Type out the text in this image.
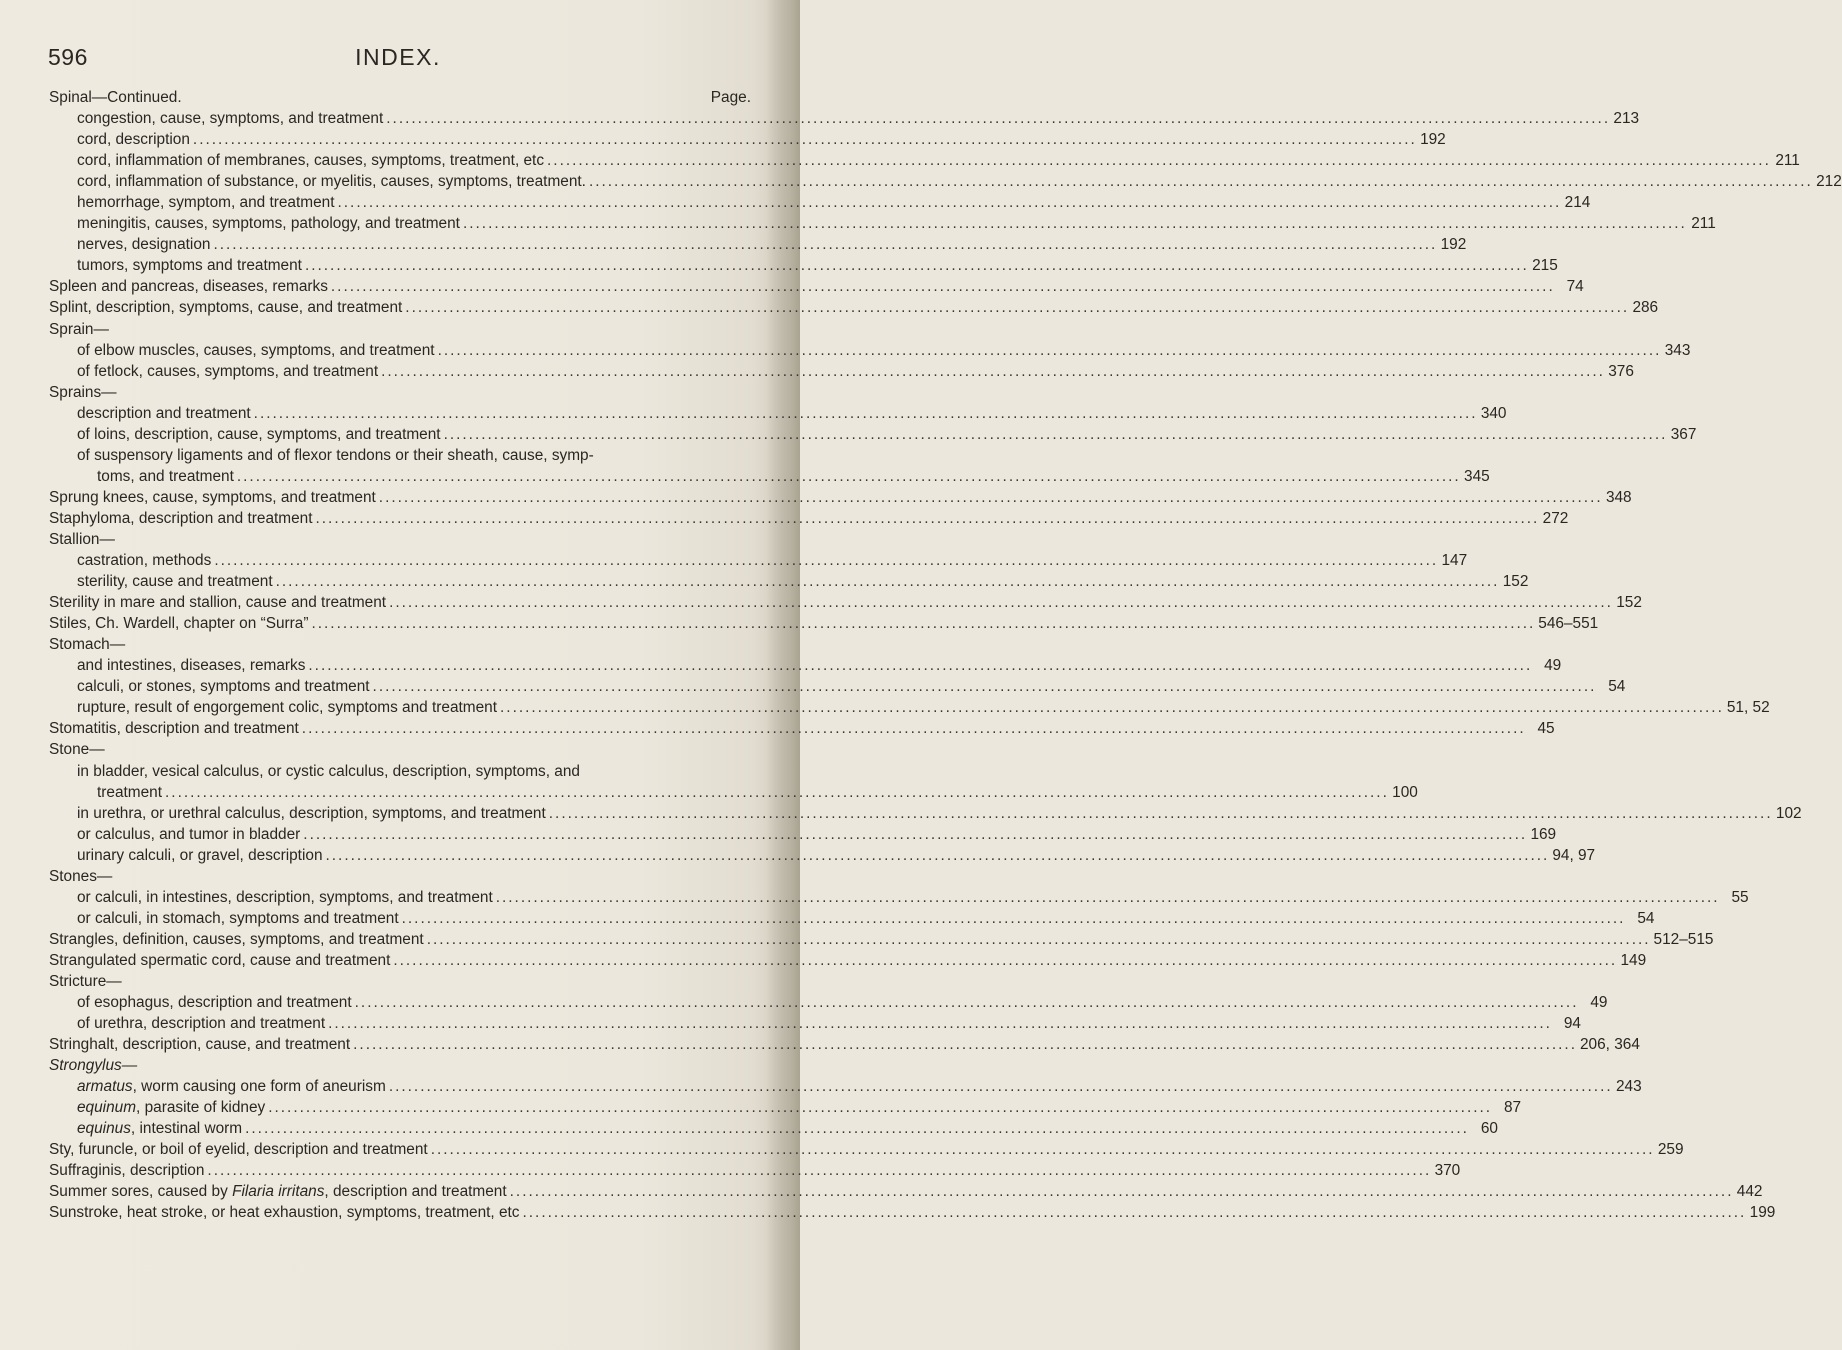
596	INDEX.
Spinal—Continued.	Page.
congestion, cause, symptoms, and treatment .....	213
cord, description .....	192
cord, inflammation of membranes, causes, symptoms, treatment, etc .....	211
cord, inflammation of substance, or myelitis, causes, symptoms, treatment. .....	212
hemorrhage, symptom, and treatment .....	214
meningitis, causes, symptoms, pathology, and treatment .....	211
nerves, designation .....	192
tumors, symptoms and treatment .....	215
Spleen and pancreas, diseases, remarks .....	74
Splint, description, symptoms, cause, and treatment .....	286
Sprain—
of elbow muscles, causes, symptoms, and treatment .....	343
of fetlock, causes, symptoms, and treatment .....	376
Sprains—
description and treatment .....	340
of loins, description, cause, symptoms, and treatment .....	367
of suspensory ligaments and of flexor tendons or their sheath, cause, symp-
toms, and treatment .....	345
Sprung knees, cause, symptoms, and treatment .....	348
Staphyloma, description and treatment .....	272
Stallion—
castration, methods .....	147
sterility, cause and treatment .....	152
Sterility in mare and stallion, cause and treatment .....	152
Stiles, Ch. Wardell, chapter on “Surra” .....	546–551
Stomach—
and intestines, diseases, remarks .....	49
calculi, or stones, symptoms and treatment .....	54
rupture, result of engorgement colic, symptoms and treatment .....	51, 52
Stomatitis, description and treatment .....	45
Stone—
in bladder, vesical calculus, or cystic calculus, description, symptoms, and
treatment .....	100
in urethra, or urethral calculus, description, symptoms, and treatment .....	102
or calculus, and tumor in bladder .....	169
urinary calculi, or gravel, description .....	94, 97
Stones—
or calculi, in intestines, description, symptoms, and treatment .....	55
or calculi, in stomach, symptoms and treatment .....	54
Strangles, definition, causes, symptoms, and treatment .....	512–515
Strangulated spermatic cord, cause and treatment .....	149
Stricture—
of esophagus, description and treatment .....	49
of urethra, description and treatment .....	94
Stringhalt, description, cause, and treatment .....	206, 364
Strongylus—
armatus, worm causing one form of aneurism .....	243
equinum, parasite of kidney .....	87
equinus, intestinal worm .....	60
Sty, furuncle, or boil of eyelid, description and treatment .....	259
Suffraginis, description .....	370
Summer sores, caused by Filaria irritans, description and treatment .....	442
Sunstroke, heat stroke, or heat exhaustion, symptoms, treatment, etc .....	199
